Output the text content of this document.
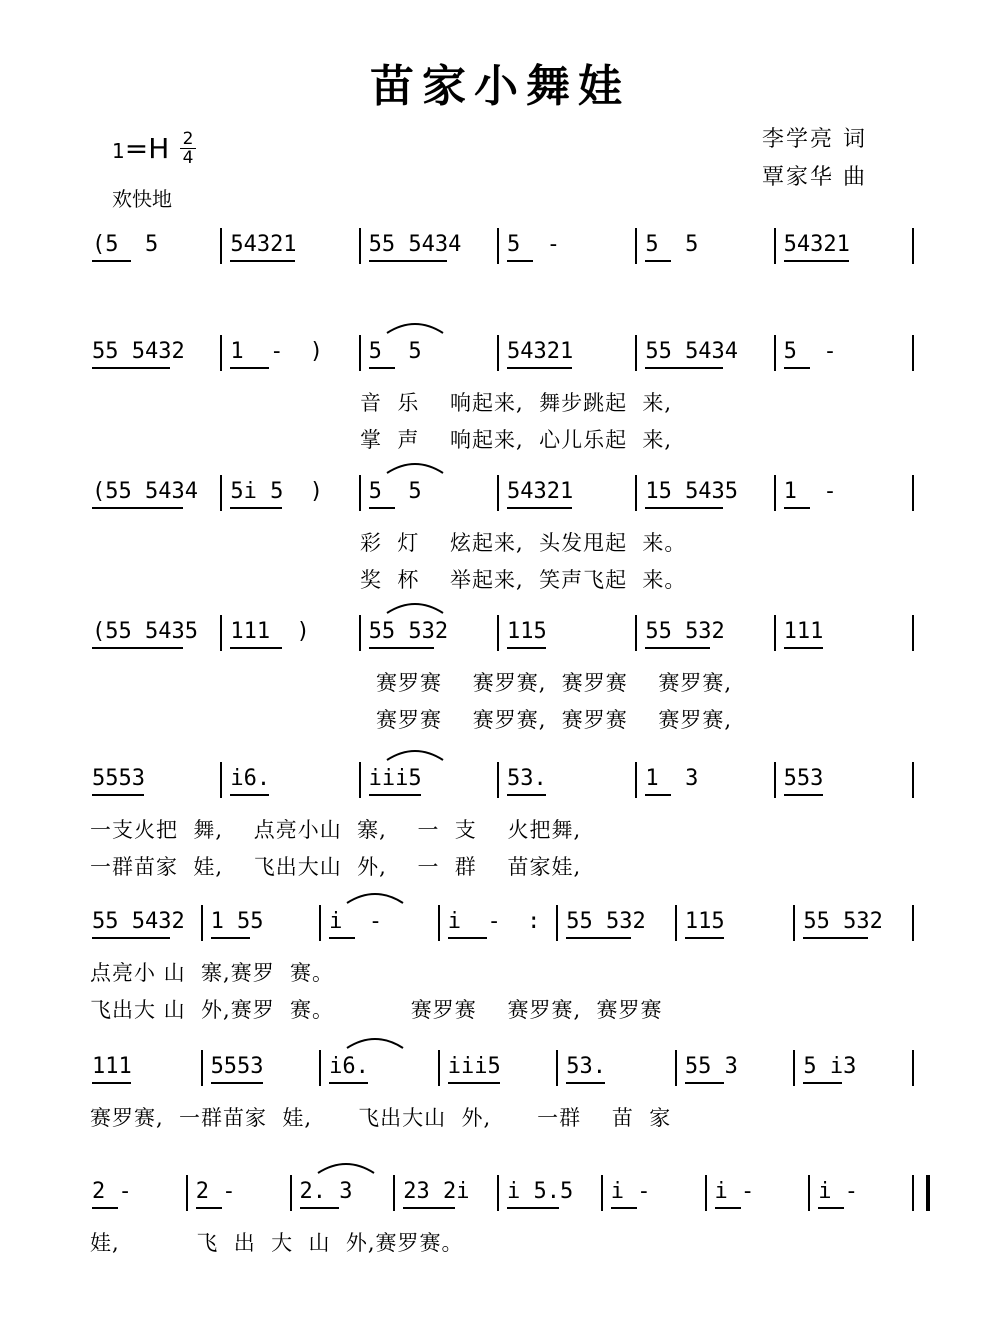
苗家小舞娃
$1=H \frac{2}{4}$
欢快地
李学亮 词
覃家华 曲
(5  5 54321 55 5434 5  -	5  5	54321
55 5432 1  -  ) 5  5	54321 55 5434 5  -
音  乐    响起来,  舞步跳起  来,
掌  声    响起来,  心儿乐起  来,
(55 5434 5i 5  ) 5  5	54321 15 5435 1  -
彩  灯    炫起来,  头发甩起  来。
奖  杯    举起来,  笑声飞起  来。
(55 5435 111  )	55 532	115	55 532	111
赛罗赛    赛罗赛,  赛罗赛    赛罗赛,
赛罗赛    赛罗赛,  赛罗赛    赛罗赛,
5553	i6.	iii5	53.	1  3	553
一支火把  舞,    点亮小山  寨,    一  支    火把舞,
一群苗家  娃,    飞出大山  外,    一  群    苗家娃,
55 5432 1 55	i  - i  -  : 55 532 115 55 532
点亮小 山  寨,赛罗  赛。
飞出大 山  外,赛罗  赛。          赛罗赛    赛罗赛,  赛罗赛
111 5553	i6. iii5	53. 55 3	5 i3
赛罗赛,  一群苗家  娃,      飞出大山  外,      一群    苗  家
2 - 2 - 2. 3 23 2i i 5.5 i - i - i -
娃,          飞  出  大  山  外,赛罗赛。
